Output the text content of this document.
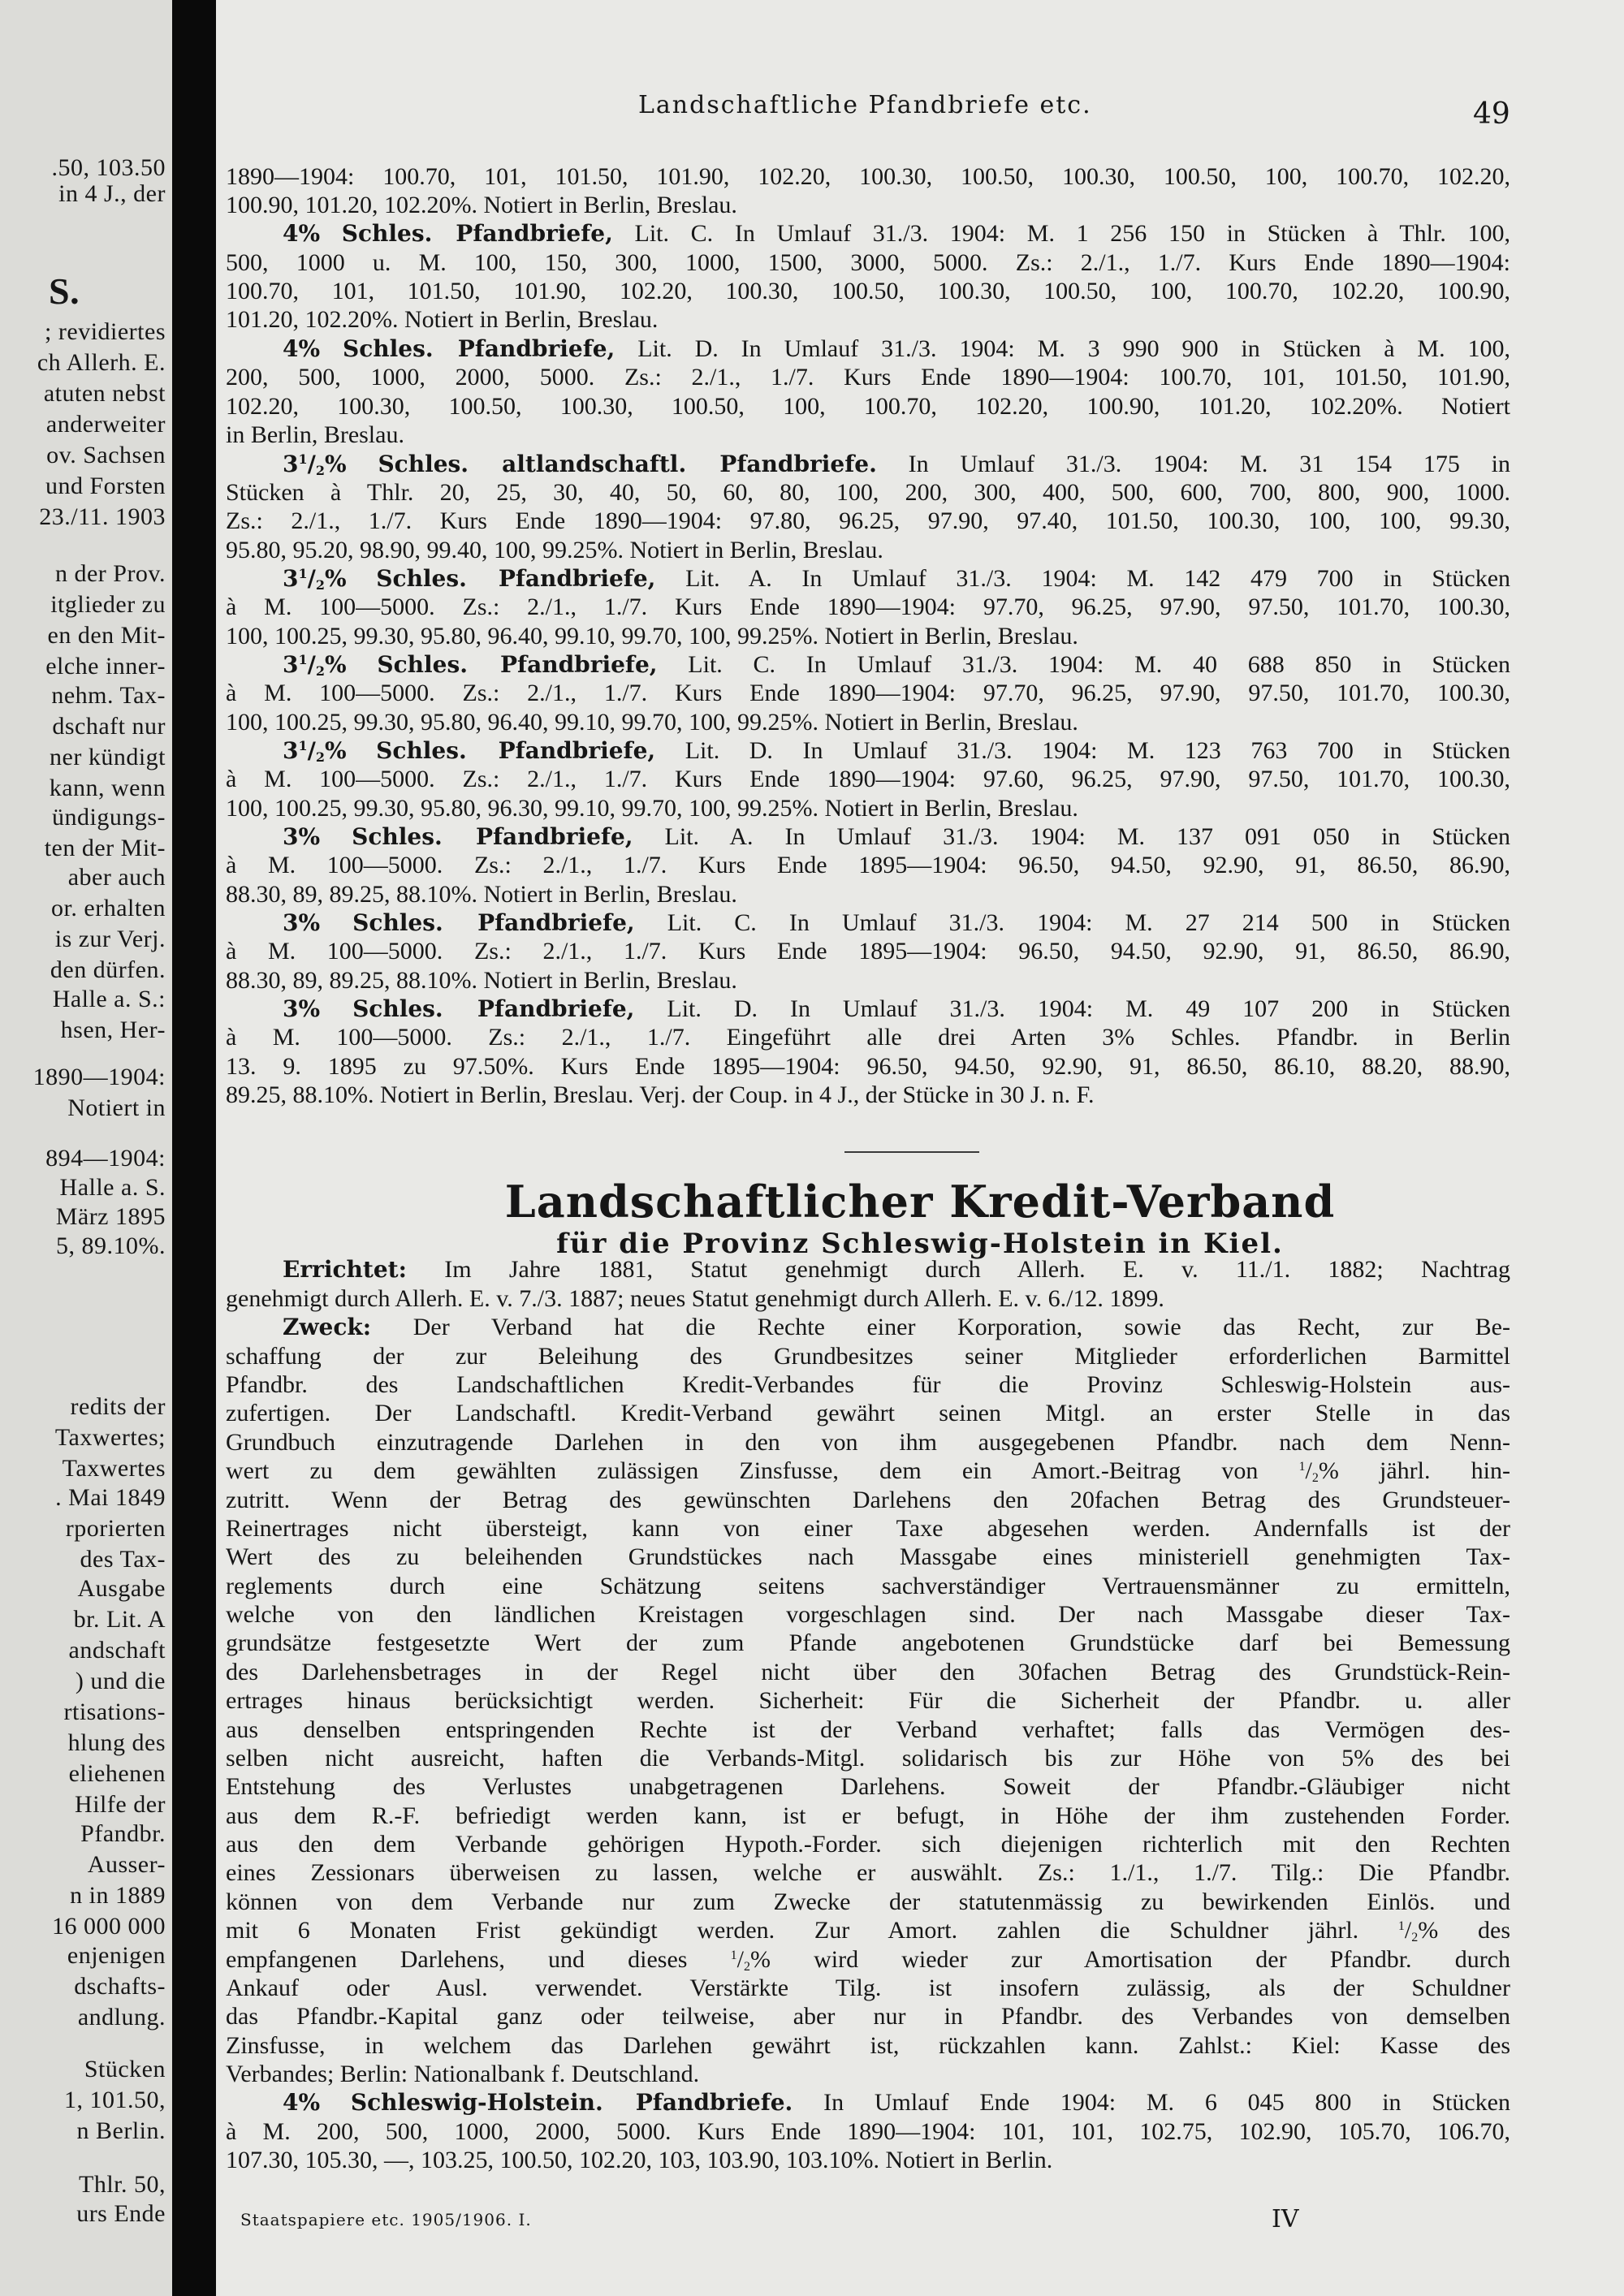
.50, 103.50
in 4 J., der
S.
; revidiertes
ch Allerh. E.
atuten nebst
anderweiter
ov. Sachsen
und Forsten
23./11. 1903
n der Prov.
itglieder zu
en den Mit-
elche inner-
nehm. Tax-
dschaft nur
ner kündigt
kann, wenn
ündigungs-
ten der Mit-
aber auch
or. erhalten
is zur Verj.
den dürfen.
Halle a. S.:
hsen, Her-
1890—1904:
Notiert in
894—1904:
Halle a. S.
März 1895
5, 89.10%.
redits der
Taxwertes;
Taxwertes
. Mai 1849
rporierten
des Tax-
Ausgabe
br. Lit. A
andschaft
) und die
rtisations-
hlung des
eliehenen
Hilfe der
Pfandbr.
Ausser-
n in 1889
16 000 000
enjenigen
dschafts-
andlung.
Stücken
1, 101.50,
n Berlin.
Thlr. 50,
urs Ende
Landschaftliche Pfandbriefe etc.	49
1890—1904: 100.70, 101, 101.50, 101.90, 102.20, 100.30, 100.50, 100.30, 100.50, 100, 100.70, 102.20,
100.90, 101.20, 102.20%. Notiert in Berlin, Breslau.
4% Schles. Pfandbriefe, Lit. C. In Umlauf 31./3. 1904: M. 1 256 150 in Stücken à Thlr. 100,
500, 1000 u. M. 100, 150, 300, 1000, 1500, 3000, 5000. Zs.: 2./1., 1./7. Kurs Ende 1890—1904:
100.70, 101, 101.50, 101.90, 102.20, 100.30, 100.50, 100.30, 100.50, 100, 100.70, 102.20, 100.90,
101.20, 102.20%. Notiert in Berlin, Breslau.
4% Schles. Pfandbriefe, Lit. D. In Umlauf 31./3. 1904: M. 3 990 900 in Stücken à M. 100,
200, 500, 1000, 2000, 5000. Zs.: 2./1., 1./7. Kurs Ende 1890—1904: 100.70, 101, 101.50, 101.90,
102.20, 100.30, 100.50, 100.30, 100.50, 100, 100.70, 102.20, 100.90, 101.20, 102.20%. Notiert
in Berlin, Breslau.
$3^1/_2\%$ Schles. altlandschaftl. Pfandbriefe. In Umlauf 31./3. 1904: M. 31 154 175 in
Stücken à Thlr. 20, 25, 30, 40, 50, 60, 80, 100, 200, 300, 400, 500, 600, 700, 800, 900, 1000.
Zs.: 2./1., 1./7. Kurs Ende 1890—1904: 97.80, 96.25, 97.90, 97.40, 101.50, 100.30, 100, 100, 99.30,
95.80, 95.20, 98.90, 99.40, 100, 99.25%. Notiert in Berlin, Breslau.
$3^1/_2\%$ Schles. Pfandbriefe, Lit. A. In Umlauf 31./3. 1904: M. 142 479 700 in Stücken
à M. 100—5000. Zs.: 2./1., 1./7. Kurs Ende 1890—1904: 97.70, 96.25, 97.90, 97.50, 101.70, 100.30,
100, 100.25, 99.30, 95.80, 96.40, 99.10, 99.70, 100, 99.25%. Notiert in Berlin, Breslau.
$3^1/_2\%$ Schles. Pfandbriefe, Lit. C. In Umlauf 31./3. 1904: M. 40 688 850 in Stücken
à M. 100—5000. Zs.: 2./1., 1./7. Kurs Ende 1890—1904: 97.70, 96.25, 97.90, 97.50, 101.70, 100.30,
100, 100.25, 99.30, 95.80, 96.40, 99.10, 99.70, 100, 99.25%. Notiert in Berlin, Breslau.
$3^1/_2\%$ Schles. Pfandbriefe, Lit. D. In Umlauf 31./3. 1904: M. 123 763 700 in Stücken
à M. 100—5000. Zs.: 2./1., 1./7. Kurs Ende 1890—1904: 97.60, 96.25, 97.90, 97.50, 101.70, 100.30,
100, 100.25, 99.30, 95.80, 96.30, 99.10, 99.70, 100, 99.25%. Notiert in Berlin, Breslau.
3% Schles. Pfandbriefe, Lit. A. In Umlauf 31./3. 1904: M. 137 091 050 in Stücken
à M. 100—5000. Zs.: 2./1., 1./7. Kurs Ende 1895—1904: 96.50, 94.50, 92.90, 91, 86.50, 86.90,
88.30, 89, 89.25, 88.10%. Notiert in Berlin, Breslau.
3% Schles. Pfandbriefe, Lit. C. In Umlauf 31./3. 1904: M. 27 214 500 in Stücken
à M. 100—5000. Zs.: 2./1., 1./7. Kurs Ende 1895—1904: 96.50, 94.50, 92.90, 91, 86.50, 86.90,
88.30, 89, 89.25, 88.10%. Notiert in Berlin, Breslau.
3% Schles. Pfandbriefe, Lit. D. In Umlauf 31./3. 1904: M. 49 107 200 in Stücken
à M. 100—5000. Zs.: 2./1., 1./7. Eingeführt alle drei Arten 3% Schles. Pfandbr. in Berlin
13. 9. 1895 zu 97.50%. Kurs Ende 1895—1904: 96.50, 94.50, 92.90, 91, 86.50, 86.10, 88.20, 88.90,
89.25, 88.10%. Notiert in Berlin, Breslau. Verj. der Coup. in 4 J., der Stücke in 30 J. n. F.
Errichtet: Im Jahre 1881, Statut genehmigt durch Allerh. E. v. 11./1. 1882; Nachtrag
genehmigt durch Allerh. E. v. 7./3. 1887; neues Statut genehmigt durch Allerh. E. v. 6./12. 1899.
Zweck: Der Verband hat die Rechte einer Korporation, sowie das Recht, zur Be-
schaffung der zur Beleihung des Grundbesitzes seiner Mitglieder erforderlichen Barmittel
Pfandbr. des Landschaftlichen Kredit-Verbandes für die Provinz Schleswig-Holstein aus-
zufertigen. Der Landschaftl. Kredit-Verband gewährt seinen Mitgl. an erster Stelle in das
Grundbuch einzutragende Darlehen in den von ihm ausgegebenen Pfandbr. nach dem Nenn-
wert zu dem gewählten zulässigen Zinsfusse, dem ein Amort.-Beitrag von $^1/_2\%$ jährl. hin-
zutritt. Wenn der Betrag des gewünschten Darlehens den 20fachen Betrag des Grundsteuer-
Reinertrages nicht übersteigt, kann von einer Taxe abgesehen werden. Andernfalls ist der
Wert des zu beleihenden Grundstückes nach Massgabe eines ministeriell genehmigten Tax-
reglements durch eine Schätzung seitens sachverständiger Vertrauensmänner zu ermitteln,
welche von den ländlichen Kreistagen vorgeschlagen sind. Der nach Massgabe dieser Tax-
grundsätze festgesetzte Wert der zum Pfande angebotenen Grundstücke darf bei Bemessung
des Darlehensbetrages in der Regel nicht über den 30fachen Betrag des Grundstück-Rein-
ertrages hinaus berücksichtigt werden. Sicherheit: Für die Sicherheit der Pfandbr. u. aller
aus denselben entspringenden Rechte ist der Verband verhaftet; falls das Vermögen des-
selben nicht ausreicht, haften die Verbands-Mitgl. solidarisch bis zur Höhe von 5% des bei
Entstehung des Verlustes unabgetragenen Darlehens. Soweit der Pfandbr.-Gläubiger nicht
aus dem R.-F. befriedigt werden kann, ist er befugt, in Höhe der ihm zustehenden Forder.
aus den dem Verbande gehörigen Hypoth.-Forder. sich diejenigen richterlich mit den Rechten
eines Zessionars überweisen zu lassen, welche er auswählt. Zs.: 1./1., 1./7. Tilg.: Die Pfandbr.
können von dem Verbande nur zum Zwecke der statutenmässig zu bewirkenden Einlös. und
mit 6 Monaten Frist gekündigt werden. Zur Amort. zahlen die Schuldner jährl. $^1/_2\%$ des
empfangenen Darlehens, und dieses $^1/_2\%$ wird wieder zur Amortisation der Pfandbr. durch
Ankauf oder Ausl. verwendet. Verstärkte Tilg. ist insofern zulässig, als der Schuldner
das Pfandbr.-Kapital ganz oder teilweise, aber nur in Pfandbr. des Verbandes von demselben
Zinsfusse, in welchem das Darlehen gewährt ist, rückzahlen kann. Zahlst.: Kiel: Kasse des
Verbandes; Berlin: Nationalbank f. Deutschland.
4% Schleswig-Holstein. Pfandbriefe. In Umlauf Ende 1904: M. 6 045 800 in Stücken
à M. 200, 500, 1000, 2000, 5000. Kurs Ende 1890—1904: 101, 101, 102.75, 102.90, 105.70, 106.70,
107.30, 105.30, —, 103.25, 100.50, 102.20, 103, 103.90, 103.10%. Notiert in Berlin.
Landschaftlicher Kredit-Verband
für die Provinz Schleswig-Holstein in Kiel.
Staatspapiere etc. 1905/1906. I.	IV
